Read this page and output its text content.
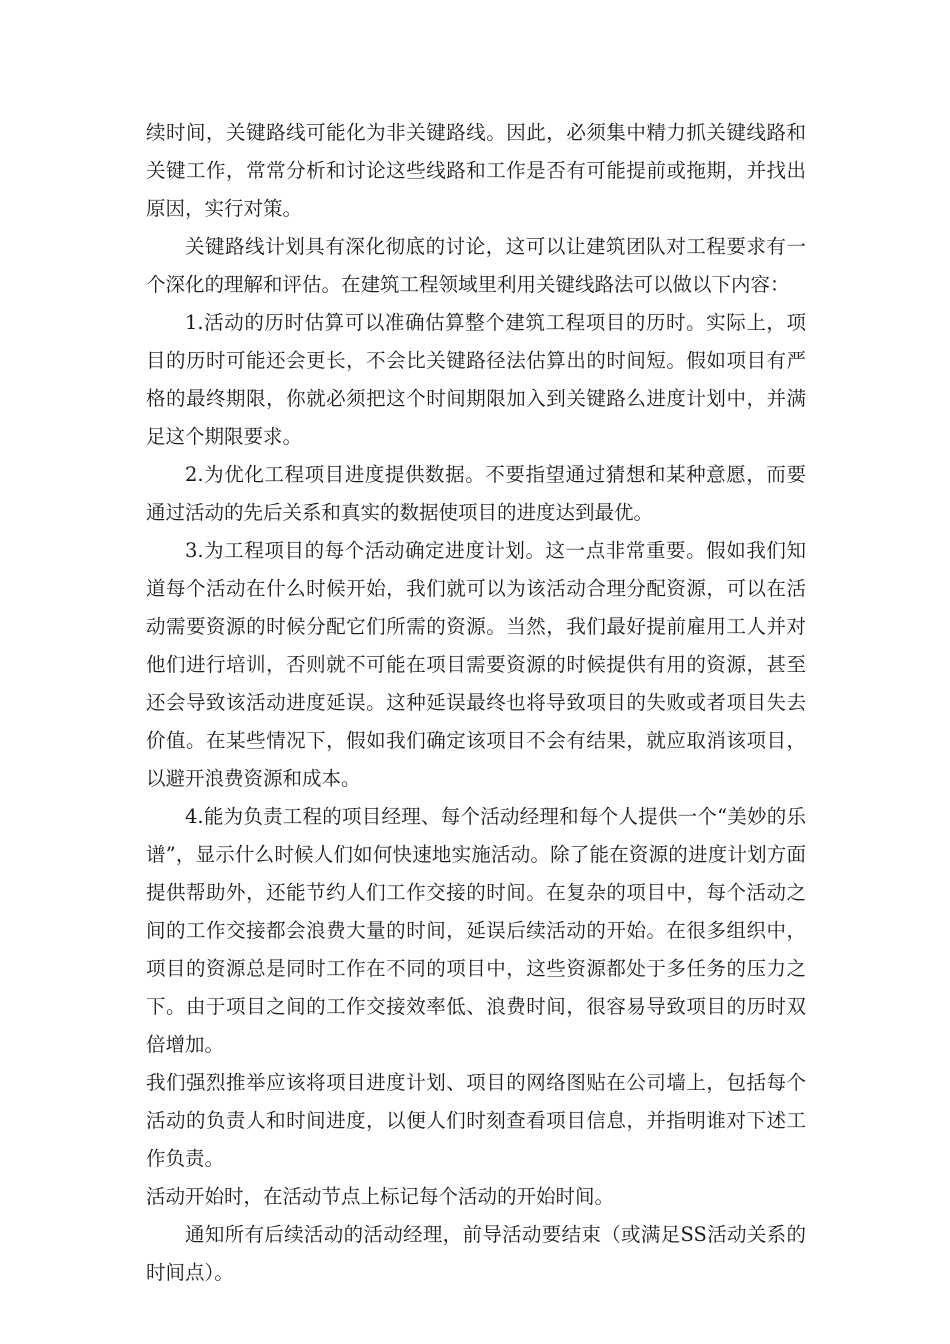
续时间，关键路线可能化为非关键路线。因此，必须集中精力抓关键线路和关键工作，常常分析和讨论这些线路和工作是否有可能提前或拖期，并找出原因，实行对策。

关键路线计划具有深化彻底的讨论，这可以让建筑团队对工程要求有一个深化的理解和评估。在建筑工程领域里利用关键线路法可以做以下内容：

1.活动的历时估算可以准确估算整个建筑工程项目的历时。实际上，项目的历时可能还会更长，不会比关键路径法估算出的时间短。假如项目有严格的最终期限，你就必须把这个时间期限加入到关键路么进度计划中，并满足这个期限要求。

2.为优化工程项目进度提供数据。不要指望通过猜想和某种意愿，而要通过活动的先后关系和真实的数据使项目的进度达到最优。

3.为工程项目的每个活动确定进度计划。这一点非常重要。假如我们知道每个活动在什么时候开始，我们就可以为该活动合理分配资源，可以在活动需要资源的时候分配它们所需的资源。当然，我们最好提前雇用工人并对他们进行培训，否则就不可能在项目需要资源的时候提供有用的资源，甚至还会导致该活动进度延误。这种延误最终也将导致项目的失败或者项目失去价值。在某些情况下，假如我们确定该项目不会有结果，就应取消该项目，以避开浪费资源和成本。

4.能为负责工程的项目经理、每个活动经理和每个人提供一个“美妙的乐谱”，显示什么时候人们如何快速地实施活动。除了能在资源的进度计划方面提供帮助外，还能节约人们工作交接的时间。在复杂的项目中，每个活动之间的工作交接都会浪费大量的时间，延误后续活动的开始。在很多组织中，项目的资源总是同时工作在不同的项目中，这些资源都处于多任务的压力之下。由于项目之间的工作交接效率低、浪费时间，很容易导致项目的历时双倍增加。

我们强烈推举应该将项目进度计划、项目的网络图贴在公司墙上，包括每个活动的负责人和时间进度，以便人们时刻查看项目信息，并指明谁对下述工作负责。

活动开始时，在活动节点上标记每个活动的开始时间。

通知所有后续活动的活动经理，前导活动要结束（或满足SS活动关系的时间点）。
